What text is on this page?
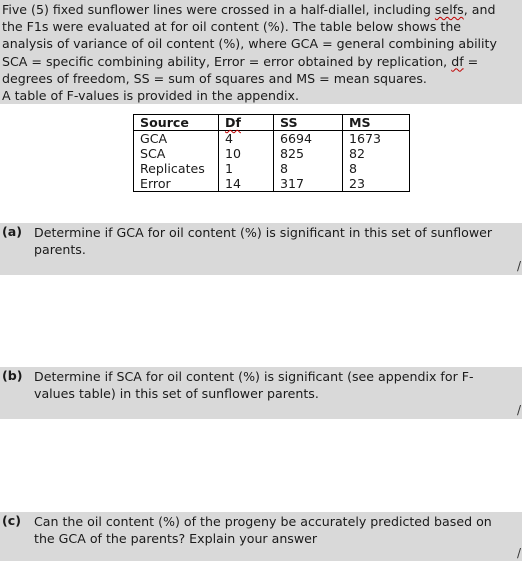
Five (5) fixed sunflower lines were crossed in a half-diallel, including selfs, and
the F1s were evaluated at for oil content (%). The table below shows the
analysis of variance of oil content (%), where GCA = general combining ability
SCA = specific combining ability, Error = error obtained by replication, df =
degrees of freedom, SS = sum of squares and MS = mean squares.
A table of F-values is provided in the appendix.
Source	Df	SS	MS
GCA	4	6694	1673
SCA	10	825	82
Replicates	1	8	8
Error	14	317	23
(a) Determine if GCA for oil content (%) is significant in this set of sunflower
parents.
/
(b) Determine if SCA for oil content (%) is significant (see appendix for F-
values table) in this set of sunflower parents.
/
(c) Can the oil content (%) of the progeny be accurately predicted based on
the GCA of the parents? Explain your answer
/
